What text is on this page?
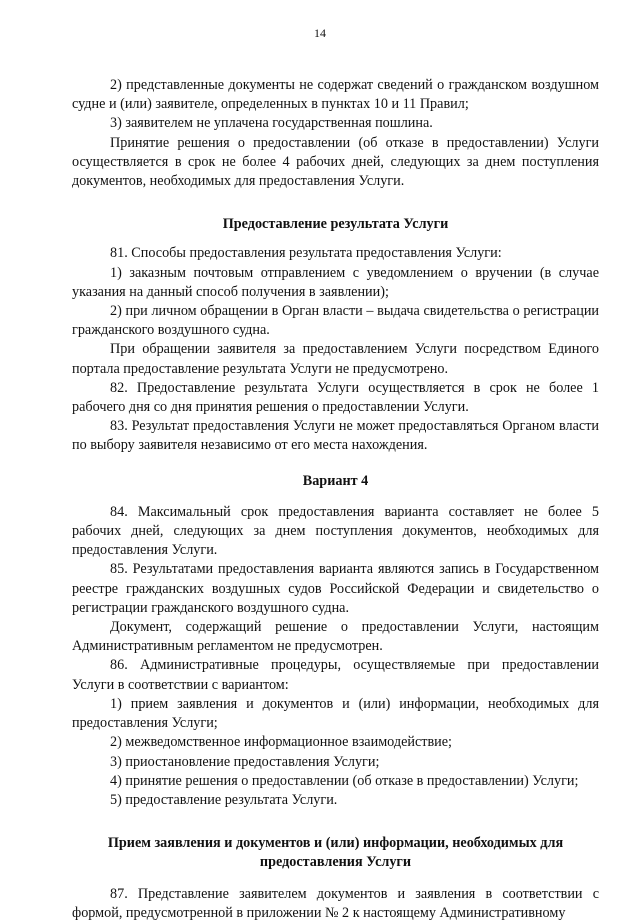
14

2) представленные документы не содержат сведений о гражданском воздушном судне и (или) заявителе, определенных в пунктах 10 и 11 Правил;

3) заявителем не уплачена государственная пошлина.

Принятие решения о предоставлении (об отказе в предоставлении) Услуги осуществляется в срок не более 4 рабочих дней, следующих за днем поступления документов, необходимых для предоставления Услуги.

Предоставление результата Услуги

81. Способы предоставления результата предоставления Услуги:

1) заказным почтовым отправлением с уведомлением о вручении (в случае указания на данный способ получения в заявлении);

2) при личном обращении в Орган власти – выдача свидетельства о регистрации гражданского воздушного судна.

При обращении заявителя за предоставлением Услуги посредством Единого портала предоставление результата Услуги не предусмотрено.

82. Предоставление результата Услуги осуществляется в срок не более 1 рабочего дня со дня принятия решения о предоставлении Услуги.

83. Результат предоставления Услуги не может предоставляться Органом власти по выбору заявителя независимо от его места нахождения.

Вариант 4

84. Максимальный срок предоставления варианта составляет не более 5 рабочих дней, следующих за днем поступления документов, необходимых для предоставления Услуги.

85. Результатами предоставления варианта являются запись в Государственном реестре гражданских воздушных судов Российской Федерации и свидетельство о регистрации гражданского воздушного судна.

Документ, содержащий решение о предоставлении Услуги, настоящим Административным регламентом не предусмотрен.

86. Административные процедуры, осуществляемые при предоставлении Услуги в соответствии с вариантом:

1) прием заявления и документов и (или) информации, необходимых для предоставления Услуги;

2) межведомственное информационное взаимодействие;

3) приостановление предоставления Услуги;

4) принятие решения о предоставлении (об отказе в предоставлении) Услуги;

5) предоставление результата Услуги.

Прием заявления и документов и (или) информации, необходимых для предоставления Услуги

87. Представление заявителем документов и заявления в соответствии с формой, предусмотренной в приложении № 2 к настоящему Административному
